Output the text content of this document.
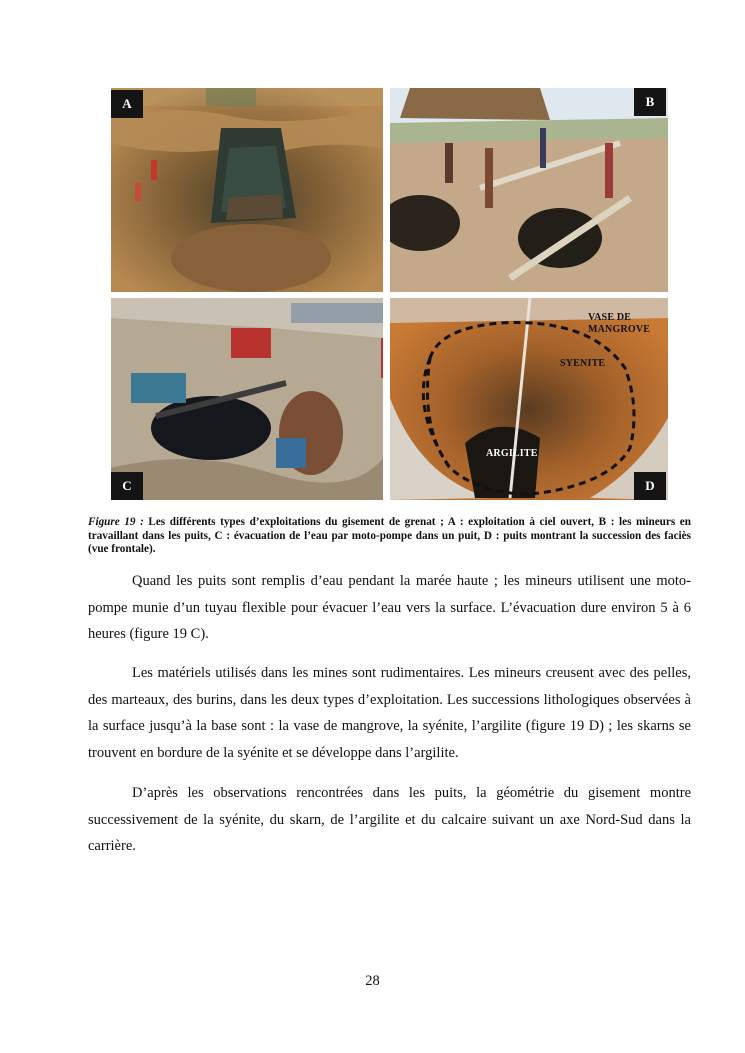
A	B
C
VASE DE
MANGROVE
SYENITE
ARGILITE
D
Figure 19 : Les différents types d’exploitations du gisement de grenat ; A : exploitation à ciel ouvert, B : les mineurs en travaillant dans les puits, C : évacuation de l’eau par moto-pompe dans un puit, D : puits montrant la succession des faciès (vue frontale).

Quand les puits sont remplis d’eau pendant la marée haute ; les mineurs utilisent une moto-pompe munie d’un tuyau flexible pour évacuer l’eau vers la surface. L’évacuation dure environ 5 à 6 heures (figure 19 C).

Les matériels utilisés dans les mines sont rudimentaires. Les mineurs creusent avec des pelles, des marteaux, des burins, dans les deux types d’exploitation. Les successions lithologiques observées à la surface jusqu’à la base sont : la vase de mangrove, la syénite, l’argilite (figure 19 D) ; les skarns se trouvent en bordure de la syénite et se développe dans l’argilite.

D’après les observations rencontrées dans les puits, la géométrie du gisement montre successivement de la syénite, du skarn, de l’argilite et du calcaire suivant un axe Nord-Sud dans la carrière.

28
